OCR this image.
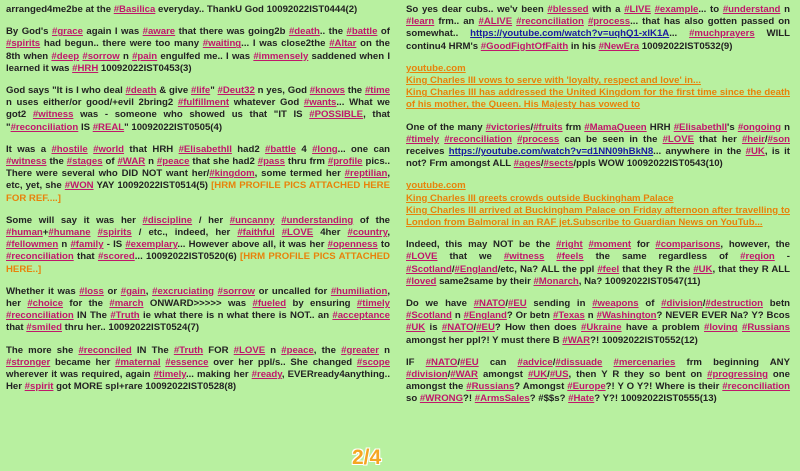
arranged4me2be at the #Basilica everyday.. ThankU God 10092022IST0444(2)
By God's #grace again I was #aware that there was going2b #death.. the #battle of #spirits had begun.. there were too many #waiting... I was close2the #Altar on the 8th when #deep #sorrow n #pain engulfed me.. I was #immensely saddened when I learned it was #HRH 10092022IST0453(3)
God says "It is I who deal #death & give #life" #Deut32 n yes, God #knows the #time n uses either/or good/+evil 2bring2 #fulfillment whatever God #wants... What we got2 #witness was - someone who showed us that "IT IS #POSSIBLE, that "#reconciliation IS #REAL" 10092022IST0505(4)
It was a #hostile #world that HRH #ElisabethII had2 #battle 4 #long... one can #witness the #stages of #WAR n #peace that she had2 #pass thru frm #profile pics.. There were several who DID NOT want her/#kingdom, some termed her #reptilian, etc, yet, she #WON YAY 10092022IST0514(5) [HRM PROFILE PICS ATTACHED HERE FOR REF....]
Some will say it was her #discipline / her #uncanny #understanding of the #human+#humane #spirits / etc., indeed, her #faithful #LOVE 4her #country, #fellowmen n #family - IS #exemplary... However above all, it was her #openness to #reconciliation that #scored... 10092022IST0520(6) [HRM PROFILE PICS ATTACHED HERE..]
Whether it was #loss or #gain, #excruciating #sorrow or uncalled for #humiliation, her #choice for the #march ONWARD>>>>> was #fueled by ensuring #timely #reconciliation IN The #Truth ie what there is n what there is NOT.. an #acceptance that #smiled thru her.. 10092022IST0524(7)
The more she #reconciled IN The #Truth FOR #LOVE n #peace, the #greater n #stronger became her #maternal #essence over her ppl/s.. She changed #scope wherever it was required, again #timely... making her #ready, EVERready4anything.. Her #spirit got MORE spl+rare 10092022IST0528(8)
So yes dear cubs.. we'v been #blessed with a #LIVE #example... to #understand n #learn frm.. an #ALIVE #reconciliation #process... that has also gotten passed on somewhat.. https://youtube.com/watch?v=uqhQ1-xlK1A... #muchprayers WILL continu4 HRM's #GoodFightOfFaith in his #NewEra 10092022IST0532(9)
youtube.com
King Charles III vows to serve with 'loyalty, respect and love' in...
King Charles III has addressed the United Kingdom for the first time since the death of his mother, the Queen. His Majesty has vowed to
One of the many #victories/#fruits frm #MamaQueen HRH #ElisabethII's #ongoing n #timely #reconciliation #process can be seen in the #LOVE that her #heir/#son receives https://youtube.com/watch?v=d1NN09hBkN8... anywhere in the #UK, is it not? Frm amongst ALL #ages/#sects/ppls WOW 10092022IST0543(10)
youtube.com
King Charles III greets crowds outside Buckingham Palace
King Charles III arrived at Buckingham Palace on Friday afternoon after travelling to London from Balmoral in an RAF jet.Subscribe to Guardian News on YouTub...
Indeed, this may NOT be the #right #moment for #comparisons, however, the #LOVE that we #witness #feels the same regardless of #region - #Scotland/#England/etc, Na? ALL the ppl #feel that they R the #UK, that they R ALL #loved same2same by their #Monarch, Na? 10092022IST0547(11)
Do we have #NATO/#EU sending in #weapons of #division/#destruction betn #Scotland n #England? Or betn #Texas n #Washington? NEVER EVER Na? Y? Bcos #UK is #NATO/#EU? How then does #Ukraine have a problem #loving #Russians amongst her ppl?! Y must there B #WAR?! 10092022IST0552(12)
IF #NATO/#EU can #advice/#dissuade #mercenaries frm beginning ANY #division/#WAR amongst #UK/#US, then Y R they so bent on #progressing one amongst the #Russians? Amongst #Europe?! Y O Y?! Where is their #reconciliation so #WRONG?! #ArmsSales? #$$s? #Hate? Y?! 10092022IST0555(13)
2/4
